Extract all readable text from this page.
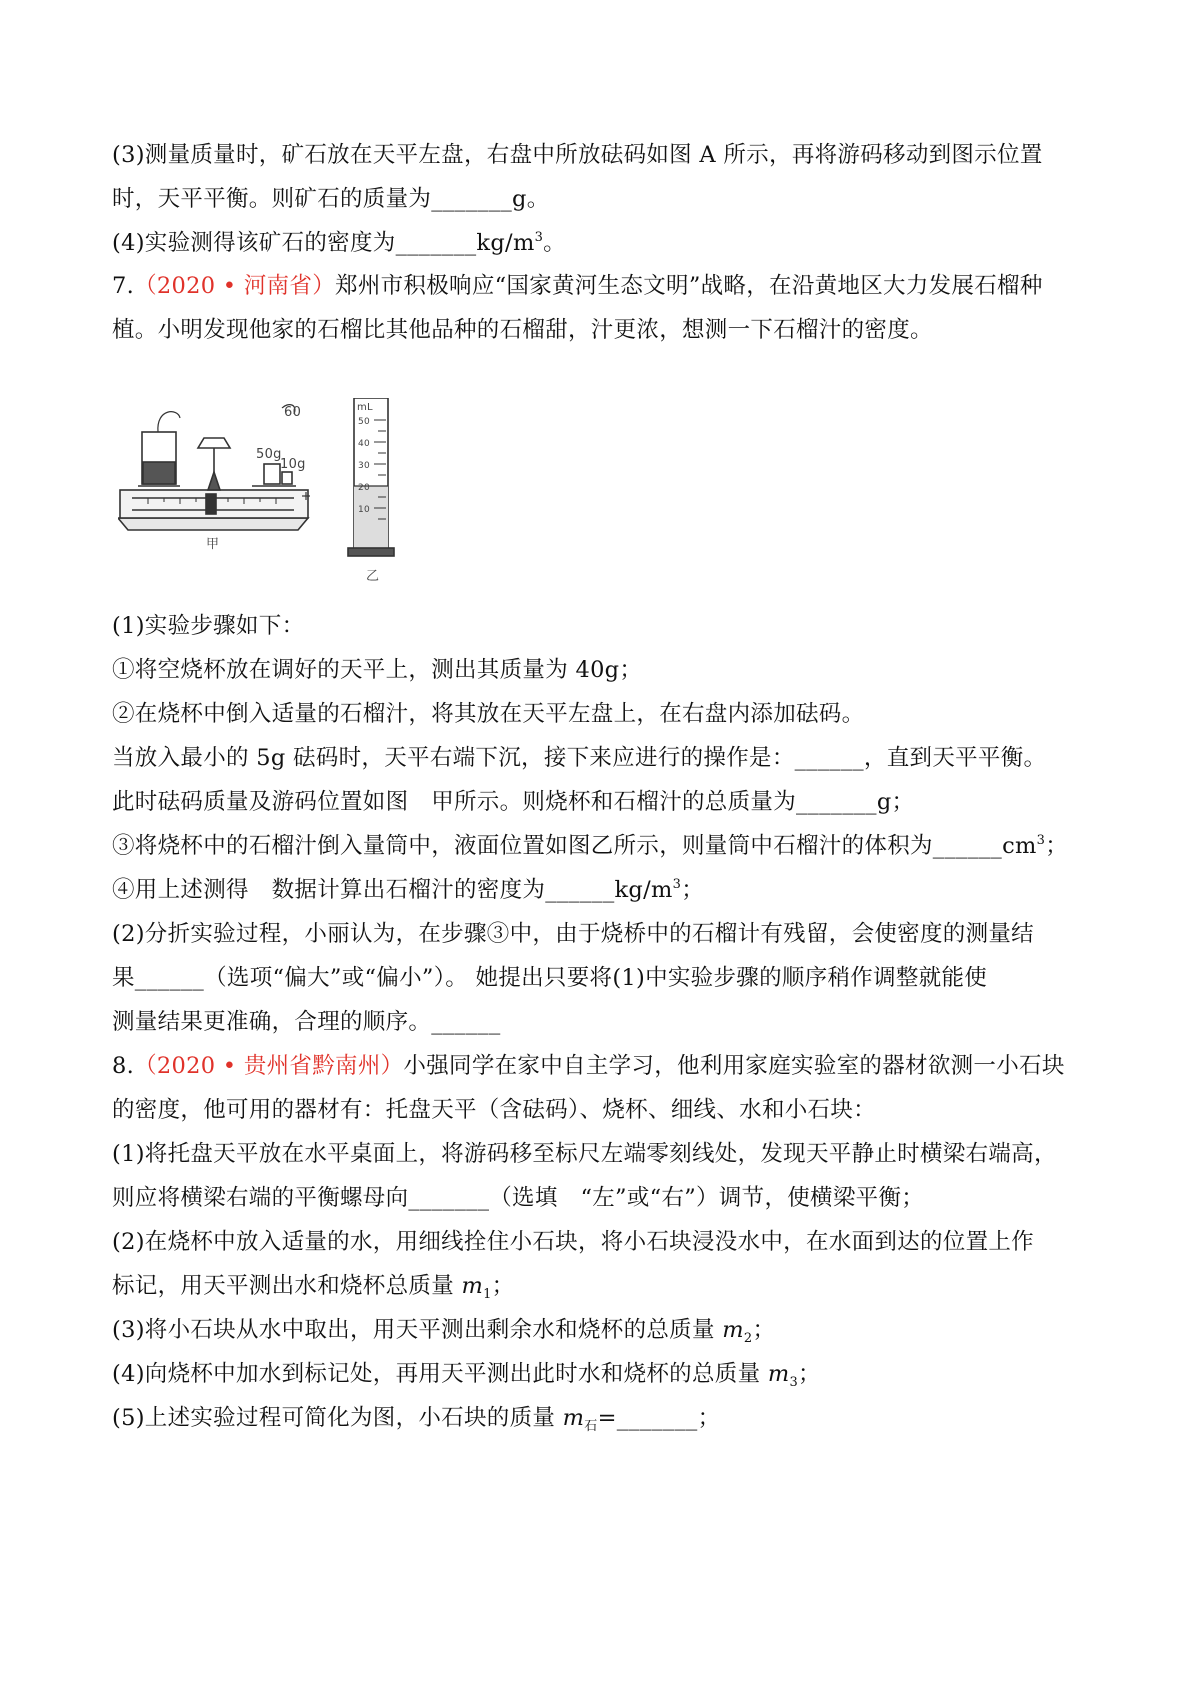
(3)测量质量时，矿石放在天平左盘，右盘中所放砝码如图 A 所示，再将游码移动到图示位置
时，天平平衡。则矿石的质量为_______g。
(4)实验测得该矿石的密度为$\_\_\_\_\_\_\_kg/m^3$。
7.（2020 • 河南省）郑州市积极响应“国家黄河生态文明”战略，在沿黄地区大力发展石榴种
植。小明发现他家的石榴比其他品种的石榴甜，汁更浓，想测一下石榴汁的密度。
60
50g
10g
甲
mL
50
40
30
20
10
乙
(1)实验步骤如下：
①将空烧杯放在调好的天平上，测出其质量为 40g；
②在烧杯中倒入适量的石榴汁，将其放在天平左盘上，在右盘内添加砝码。
当放入最小的 5g 砝码时，天平右端下沉，接下来应进行的操作是：______，直到天平平衡。
此时砝码质量及游码位置如图　甲所示。则烧杯和石榴汁的总质量为_______g；
③将烧杯中的石榴汁倒入量筒中，液面位置如图乙所示，则量筒中石榴汁的体积为$\_\_\_\_\_\_cm^3$；
④用上述测得　数据计算出石榴汁的密度为$\_\_\_\_\_\_kg/m^3$；
(2)分折实验过程，小丽认为，在步骤③中，由于烧桥中的石榴计有残留，会使密度的测量结
果______（选项“偏大”或“偏小”）。 她提出只要将(1)中实验步骤的顺序稍作调整就能使
测量结果更准确，合理的顺序。______
8.（2020 • 贵州省黔南州）小强同学在家中自主学习，他利用家庭实验室的器材欲测一小石块
的密度，他可用的器材有：托盘天平（含砝码）、烧杯、细线、水和小石块：
(1)将托盘天平放在水平桌面上，将游码移至标尺左端零刻线处，发现天平静止时横梁右端高，
则应将横梁右端的平衡螺母向_______（选填　“左”或“右”）调节，使横梁平衡；
(2)在烧杯中放入适量的水，用细线拴住小石块，将小石块浸没水中，在水面到达的位置上作
标记，用天平测出水和烧杯总质量 $m_1$；
(3)将小石块从水中取出，用天平测出剩余水和烧杯的总质量 $m_2$；
(4)向烧杯中加水到标记处，再用天平测出此时水和烧杯的总质量 $m_3$；
(5)上述实验过程可简化为图，小石块的质量 $m_石=\_\_\_\_\_\_\_$；
